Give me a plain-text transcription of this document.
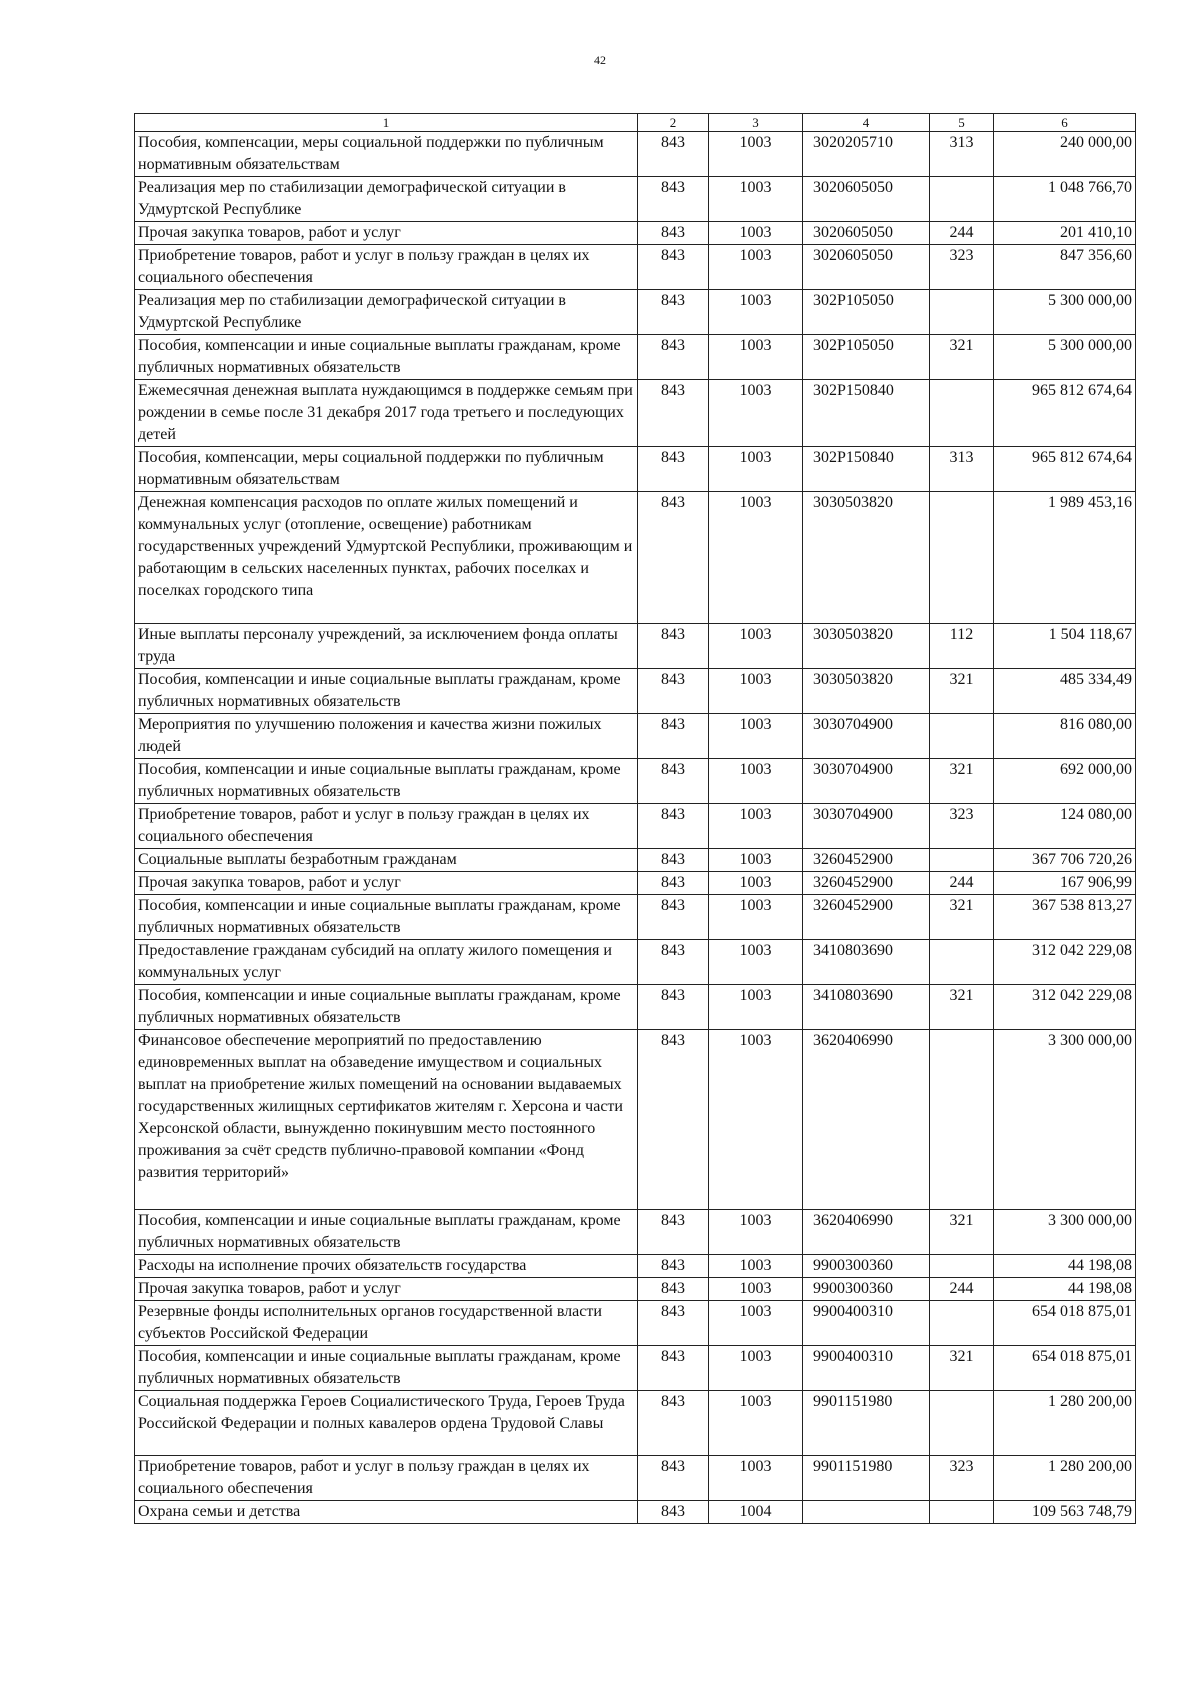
42
1	2	3	4	5	6
Пособия, компенсации, меры социальной поддержки по публичным нормативным обязательствам	843	1003	3020205710	313	240 000,00
Реализация мер по стабилизации демографической ситуации в Удмуртской Республике	843	1003	3020605050		1 048 766,70
Прочая закупка товаров, работ и услуг	843	1003	3020605050	244	201 410,10
Приобретение товаров, работ и услуг в пользу граждан в целях их социального обеспечения	843	1003	3020605050	323	847 356,60
Реализация мер по стабилизации демографической ситуации в Удмуртской Республике	843	1003	302P105050		5 300 000,00
Пособия, компенсации и иные социальные выплаты гражданам, кроме публичных нормативных обязательств	843	1003	302P105050	321	5 300 000,00
Ежемесячная денежная выплата нуждающимся в поддержке семьям при рождении в семье после 31 декабря 2017 года третьего и последующих детей	843	1003	302P150840		965 812 674,64
Пособия, компенсации, меры социальной поддержки по публичным нормативным обязательствам	843	1003	302P150840	313	965 812 674,64
Денежная компенсация расходов по оплате жилых помещений и коммунальных услуг (отопление, освещение) работникам государственных учреждений Удмуртской Республики, проживающим и работающим в сельских населенных пунктах, рабочих поселках и поселках городского типа	843	1003	3030503820		1 989 453,16
Иные выплаты персоналу учреждений, за исключением фонда оплаты труда	843	1003	3030503820	112	1 504 118,67
Пособия, компенсации и иные социальные выплаты гражданам, кроме публичных нормативных обязательств	843	1003	3030503820	321	485 334,49
Мероприятия по улучшению положения и качества жизни пожилых людей	843	1003	3030704900		816 080,00
Пособия, компенсации и иные социальные выплаты гражданам, кроме публичных нормативных обязательств	843	1003	3030704900	321	692 000,00
Приобретение товаров, работ и услуг в пользу граждан в целях их социального обеспечения	843	1003	3030704900	323	124 080,00
Социальные выплаты безработным гражданам	843	1003	3260452900		367 706 720,26
Прочая закупка товаров, работ и услуг	843	1003	3260452900	244	167 906,99
Пособия, компенсации и иные социальные выплаты гражданам, кроме публичных нормативных обязательств	843	1003	3260452900	321	367 538 813,27
Предоставление гражданам субсидий на оплату жилого помещения и коммунальных услуг	843	1003	3410803690		312 042 229,08
Пособия, компенсации и иные социальные выплаты гражданам, кроме публичных нормативных обязательств	843	1003	3410803690	321	312 042 229,08
Финансовое обеспечение мероприятий по предоставлению единовременных выплат на обзаведение имуществом и социальных выплат на приобретение жилых помещений на основании выдаваемых государственных жилищных сертификатов жителям г. Херсона и части Херсонской области, вынужденно покинувшим место постоянного проживания за счёт средств публично-правовой компании «Фонд развития территорий»	843	1003	3620406990		3 300 000,00
Пособия, компенсации и иные социальные выплаты гражданам, кроме публичных нормативных обязательств	843	1003	3620406990	321	3 300 000,00
Расходы на исполнение прочих обязательств государства	843	1003	9900300360		44 198,08
Прочая закупка товаров, работ и услуг	843	1003	9900300360	244	44 198,08
Резервные фонды исполнительных органов государственной власти субъектов Российской Федерации	843	1003	9900400310		654 018 875,01
Пособия, компенсации и иные социальные выплаты гражданам, кроме публичных нормативных обязательств	843	1003	9900400310	321	654 018 875,01
Социальная поддержка Героев Социалистического Труда, Героев Труда Российской Федерации и полных кавалеров ордена Трудовой Славы	843	1003	9901151980		1 280 200,00
Приобретение товаров, работ и услуг в пользу граждан в целях их социального обеспечения	843	1003	9901151980	323	1 280 200,00
Охрана семьи и детства	843	1004			109 563 748,79
